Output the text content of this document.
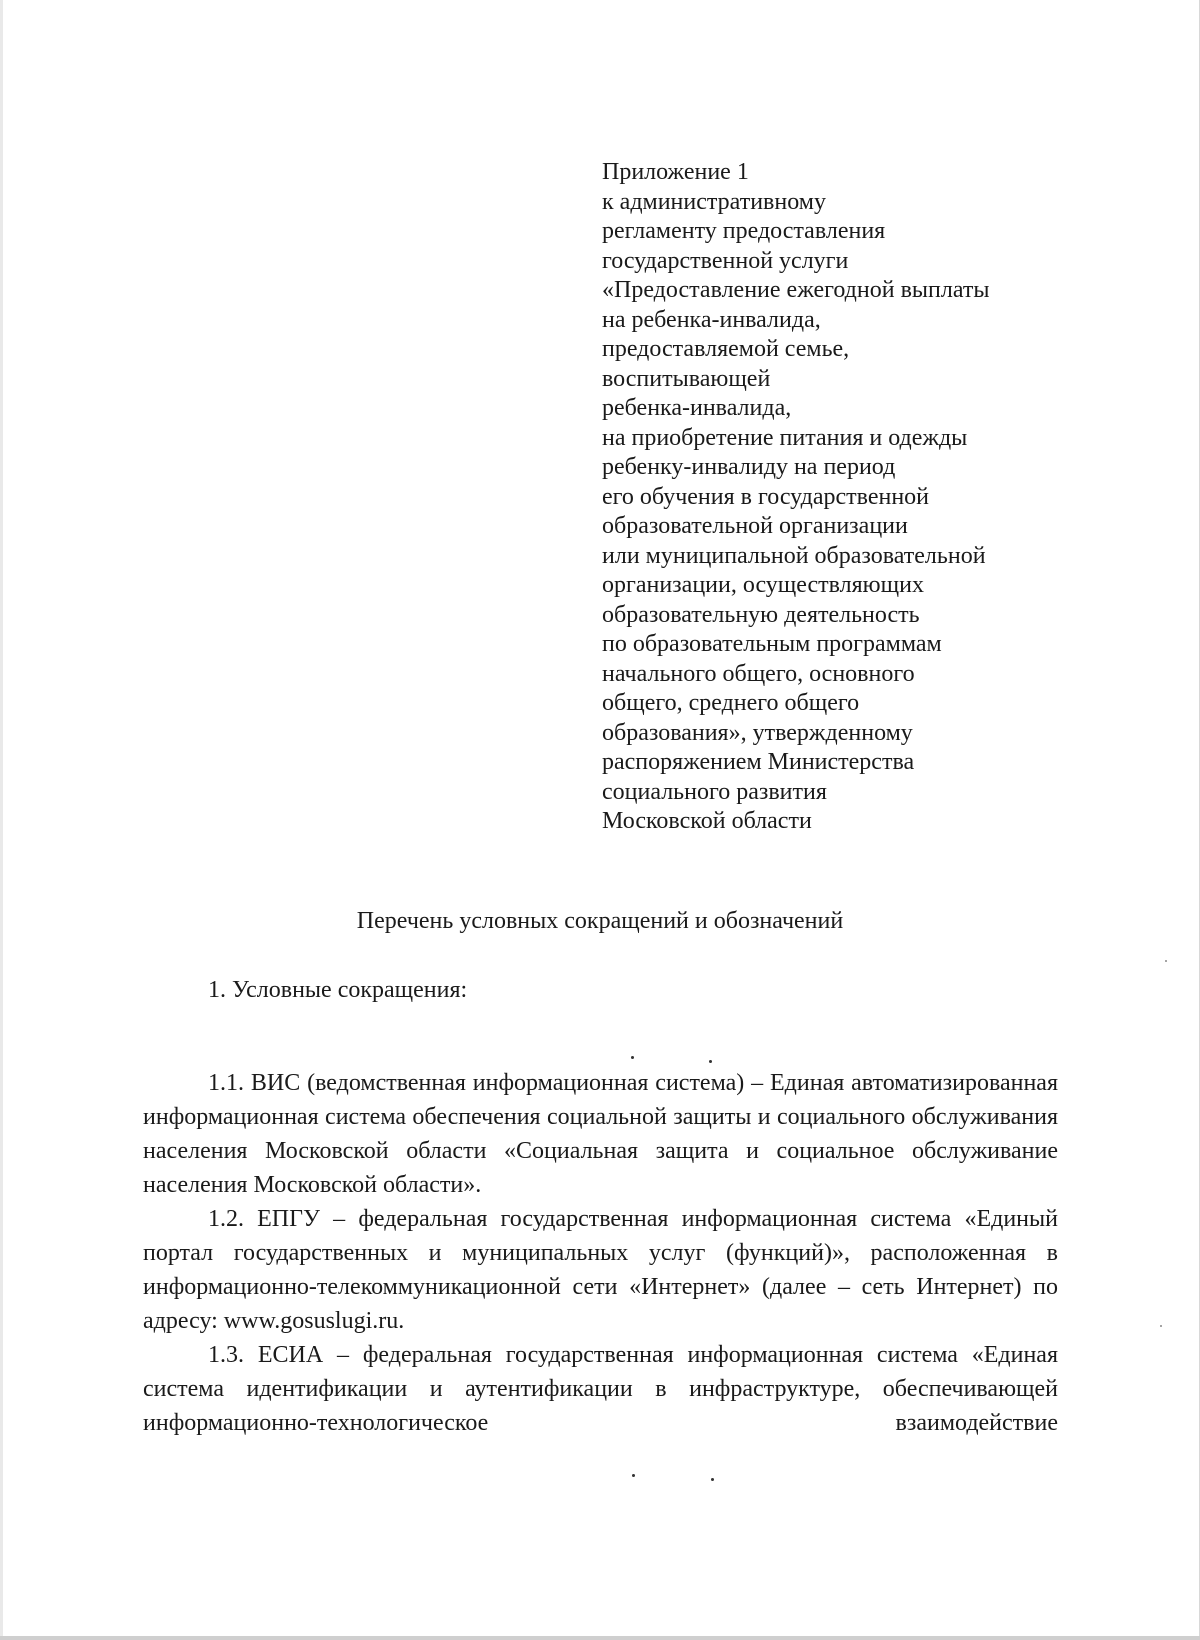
Приложение 1
к административному
регламенту предоставления
государственной услуги
«Предоставление ежегодной выплаты
на ребенка-инвалида,
предоставляемой семье,
воспитывающей
ребенка-инвалида,
на приобретение питания и одежды
ребенку-инвалиду на период
его обучения в государственной
образовательной организации
или муниципальной образовательной
организации, осуществляющих
образовательную деятельность
по образовательным программам
начального общего, основного
общего, среднего общего
образования», утвержденному
распоряжением Министерства
социального развития
Московской области
Перечень условных сокращений и обозначений
1. Условные сокращения:

1.1. ВИС (ведомственная информационная система) – Единая автоматизированная информационная система обеспечения социальной защиты и социального обслуживания населения Московской области «Социальная защита и социальное обслуживание населения Московской области».

1.2. ЕПГУ – федеральная государственная информационная система «Единый портал государственных и муниципальных услуг (функций)», расположенная в информационно-телекоммуникационной сети «Интернет» (далее – сеть Интернет) по адресу: www.gosuslugi.ru.

1.3. ЕСИА – федеральная государственная информационная система «Единая система идентификации и аутентификации в инфраструктуре, обеспечивающей информационно-технологическое взаимодействие
